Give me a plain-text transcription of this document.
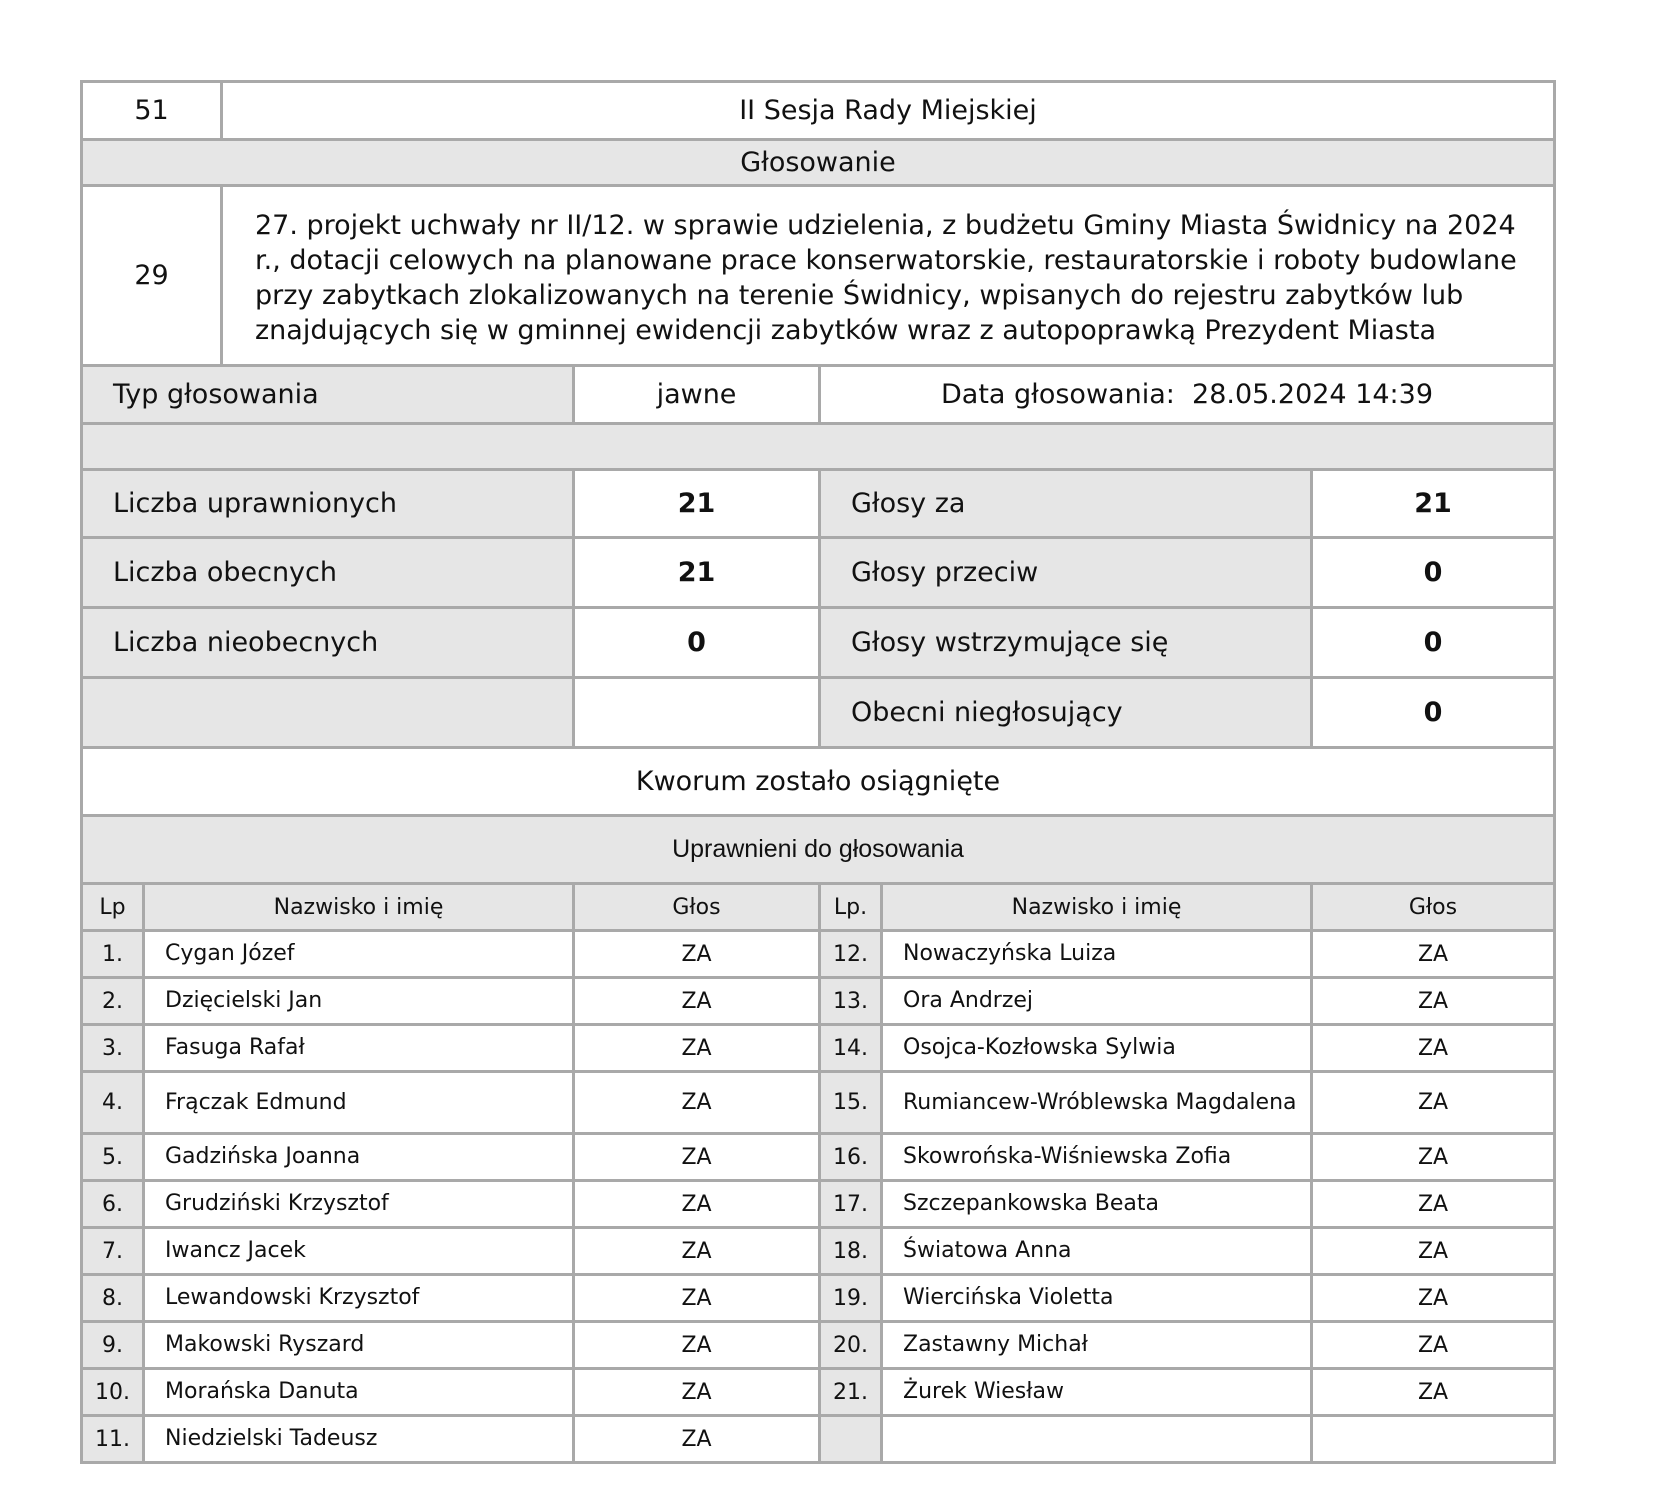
51	II Sesja Rady Miejskiej
Głosowanie	
29	27. projekt uchwały nr II/12. w sprawie udzielenia, z budżetu Gminy Miasta Świdnicy na 2024 r., dotacji celowych na planowane prace konserwatorskie, restauratorskie i roboty budowlane przy zabytkach zlokalizowanych na terenie Świdnicy, wpisanych do rejestru zabytków lub znajdujących się w gminnej ewidencji zabytków wraz z autopoprawką Prezydent Miasta
Typ głosowania	jawne	Data głosowania: 28.05.2024 14:39	

Liczba uprawnionych	21	Głosy za	21
Liczba obecnych	21	Głosy przeciw	0
Liczba nieobecnych	0	Głosy wstrzymujące się	0
		Obecni niegłosujący	0
Kworum zostało osiągnięte			
Uprawnieni do głosowania			
Lp	Nazwisko i imię	Głos	Lp.	Nazwisko i imię	Głos
1.	Cygan Józef	ZA	12.	Nowaczyńska Luiza	ZA
2.	Dzięcielski Jan	ZA	13.	Ora Andrzej	ZA
3.	Fasuga Rafał	ZA	14.	Osojca-Kozłowska Sylwia	ZA
4.	Frączak Edmund	ZA	15.	Rumiancew-Wróblewska Magdalena	ZA
5.	Gadzińska Joanna	ZA	16.	Skowrońska-Wiśniewska Zofia	ZA
6.	Grudziński Krzysztof	ZA	17.	Szczepankowska Beata	ZA
7.	Iwancz Jacek	ZA	18.	Światowa Anna	ZA
8.	Lewandowski Krzysztof	ZA	19.	Wiercińska Violetta	ZA
9.	Makowski Ryszard	ZA	20.	Zastawny Michał	ZA
10.	Morańska Danuta	ZA	21.	Żurek Wiesław	ZA
11.	Niedzielski Tadeusz	ZA			
